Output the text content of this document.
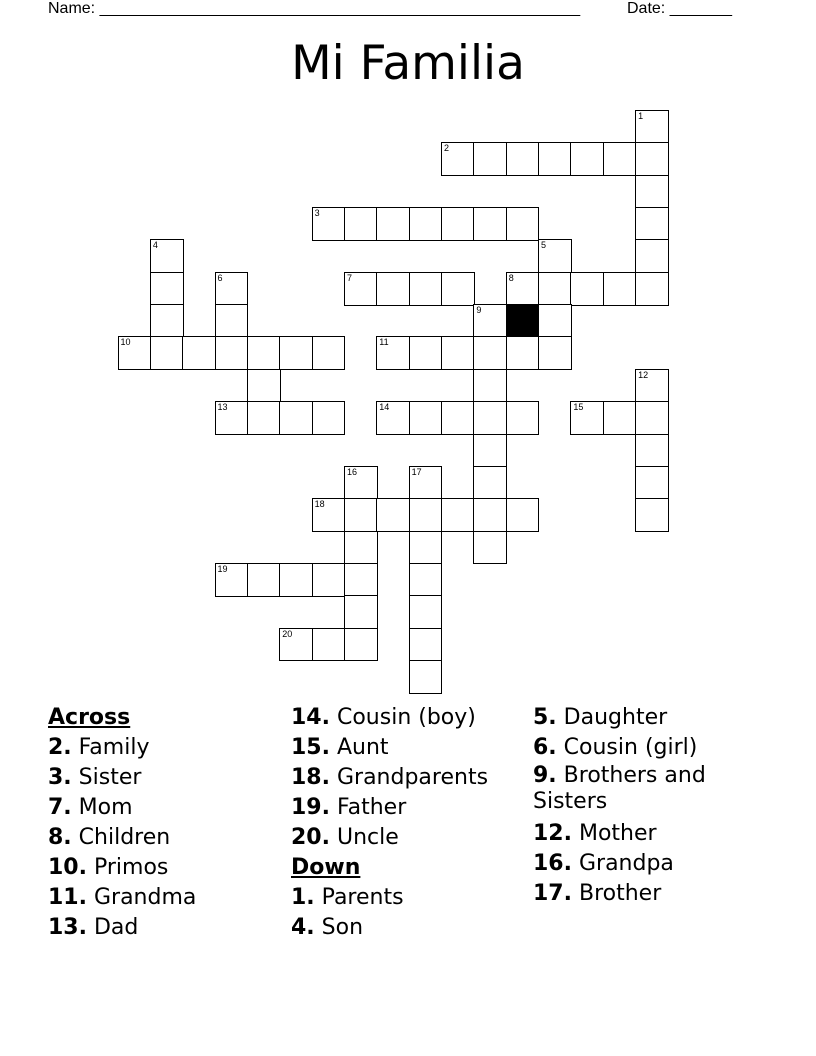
Name: ______________________________________________________	Date: _______
Mi Familia
1
2
3
4	5
6	7	8
9
10	11
12
13	14	15
16	17
18
19
20
Across
2. Family
3. Sister
7. Mom
8. Children
10. Primos
11. Grandma
13. Dad
14. Cousin (boy)
15. Aunt
18. Grandparents
19. Father
20. Uncle
Down
1. Parents
4. Son
5. Daughter
6. Cousin (girl)
9. Brothers and Sisters
12. Mother
16. Grandpa
17. Brother
